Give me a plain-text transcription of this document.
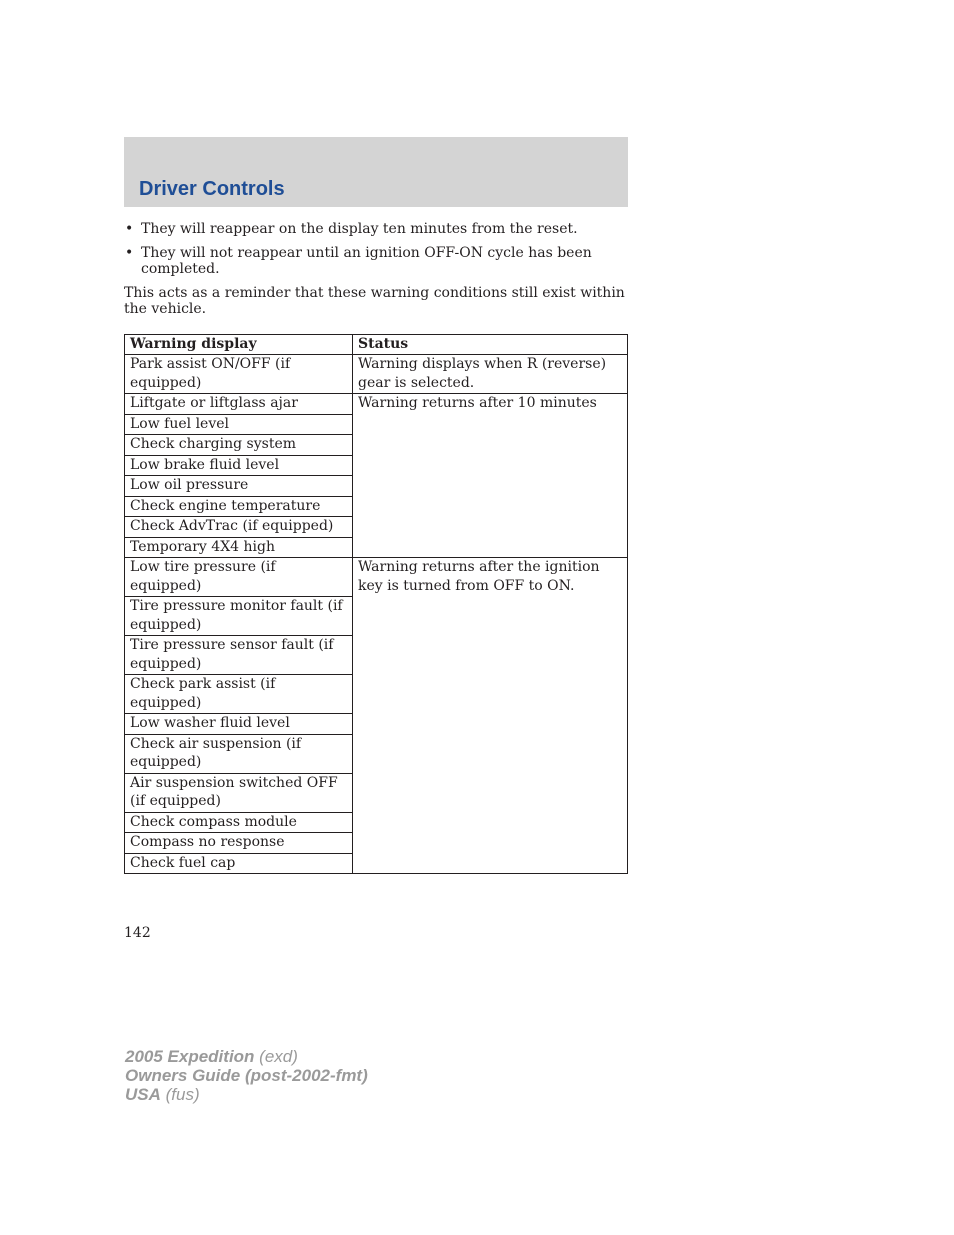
Driver Controls
• They will reappear on the display ten minutes from the reset.
• They will not reappear until an ignition OFF-ON cycle has been completed.

This acts as a reminder that these warning conditions still exist within the vehicle.

Warning display	Status
Park assist ON/OFF (if equipped)	Warning displays when R (reverse) gear is selected.
Liftgate or liftglass ajar	Warning returns after 10 minutes
Low fuel level	
Check charging system	
Low brake fluid level	
Low oil pressure	
Check engine temperature	
Check AdvTrac (if equipped)	
Temporary 4X4 high	
Low tire pressure (if equipped)	Warning returns after the ignition key is turned from OFF to ON.
Tire pressure monitor fault (if equipped)	
Tire pressure sensor fault (if equipped)	
Check park assist (if equipped)	
Low washer fluid level	
Check air suspension (if equipped)	
Air suspension switched OFF (if equipped)	
Check compass module	
Compass no response	
Check fuel cap	
142
2005 Expedition (exd)
Owners Guide (post-2002-fmt)
USA (fus)
